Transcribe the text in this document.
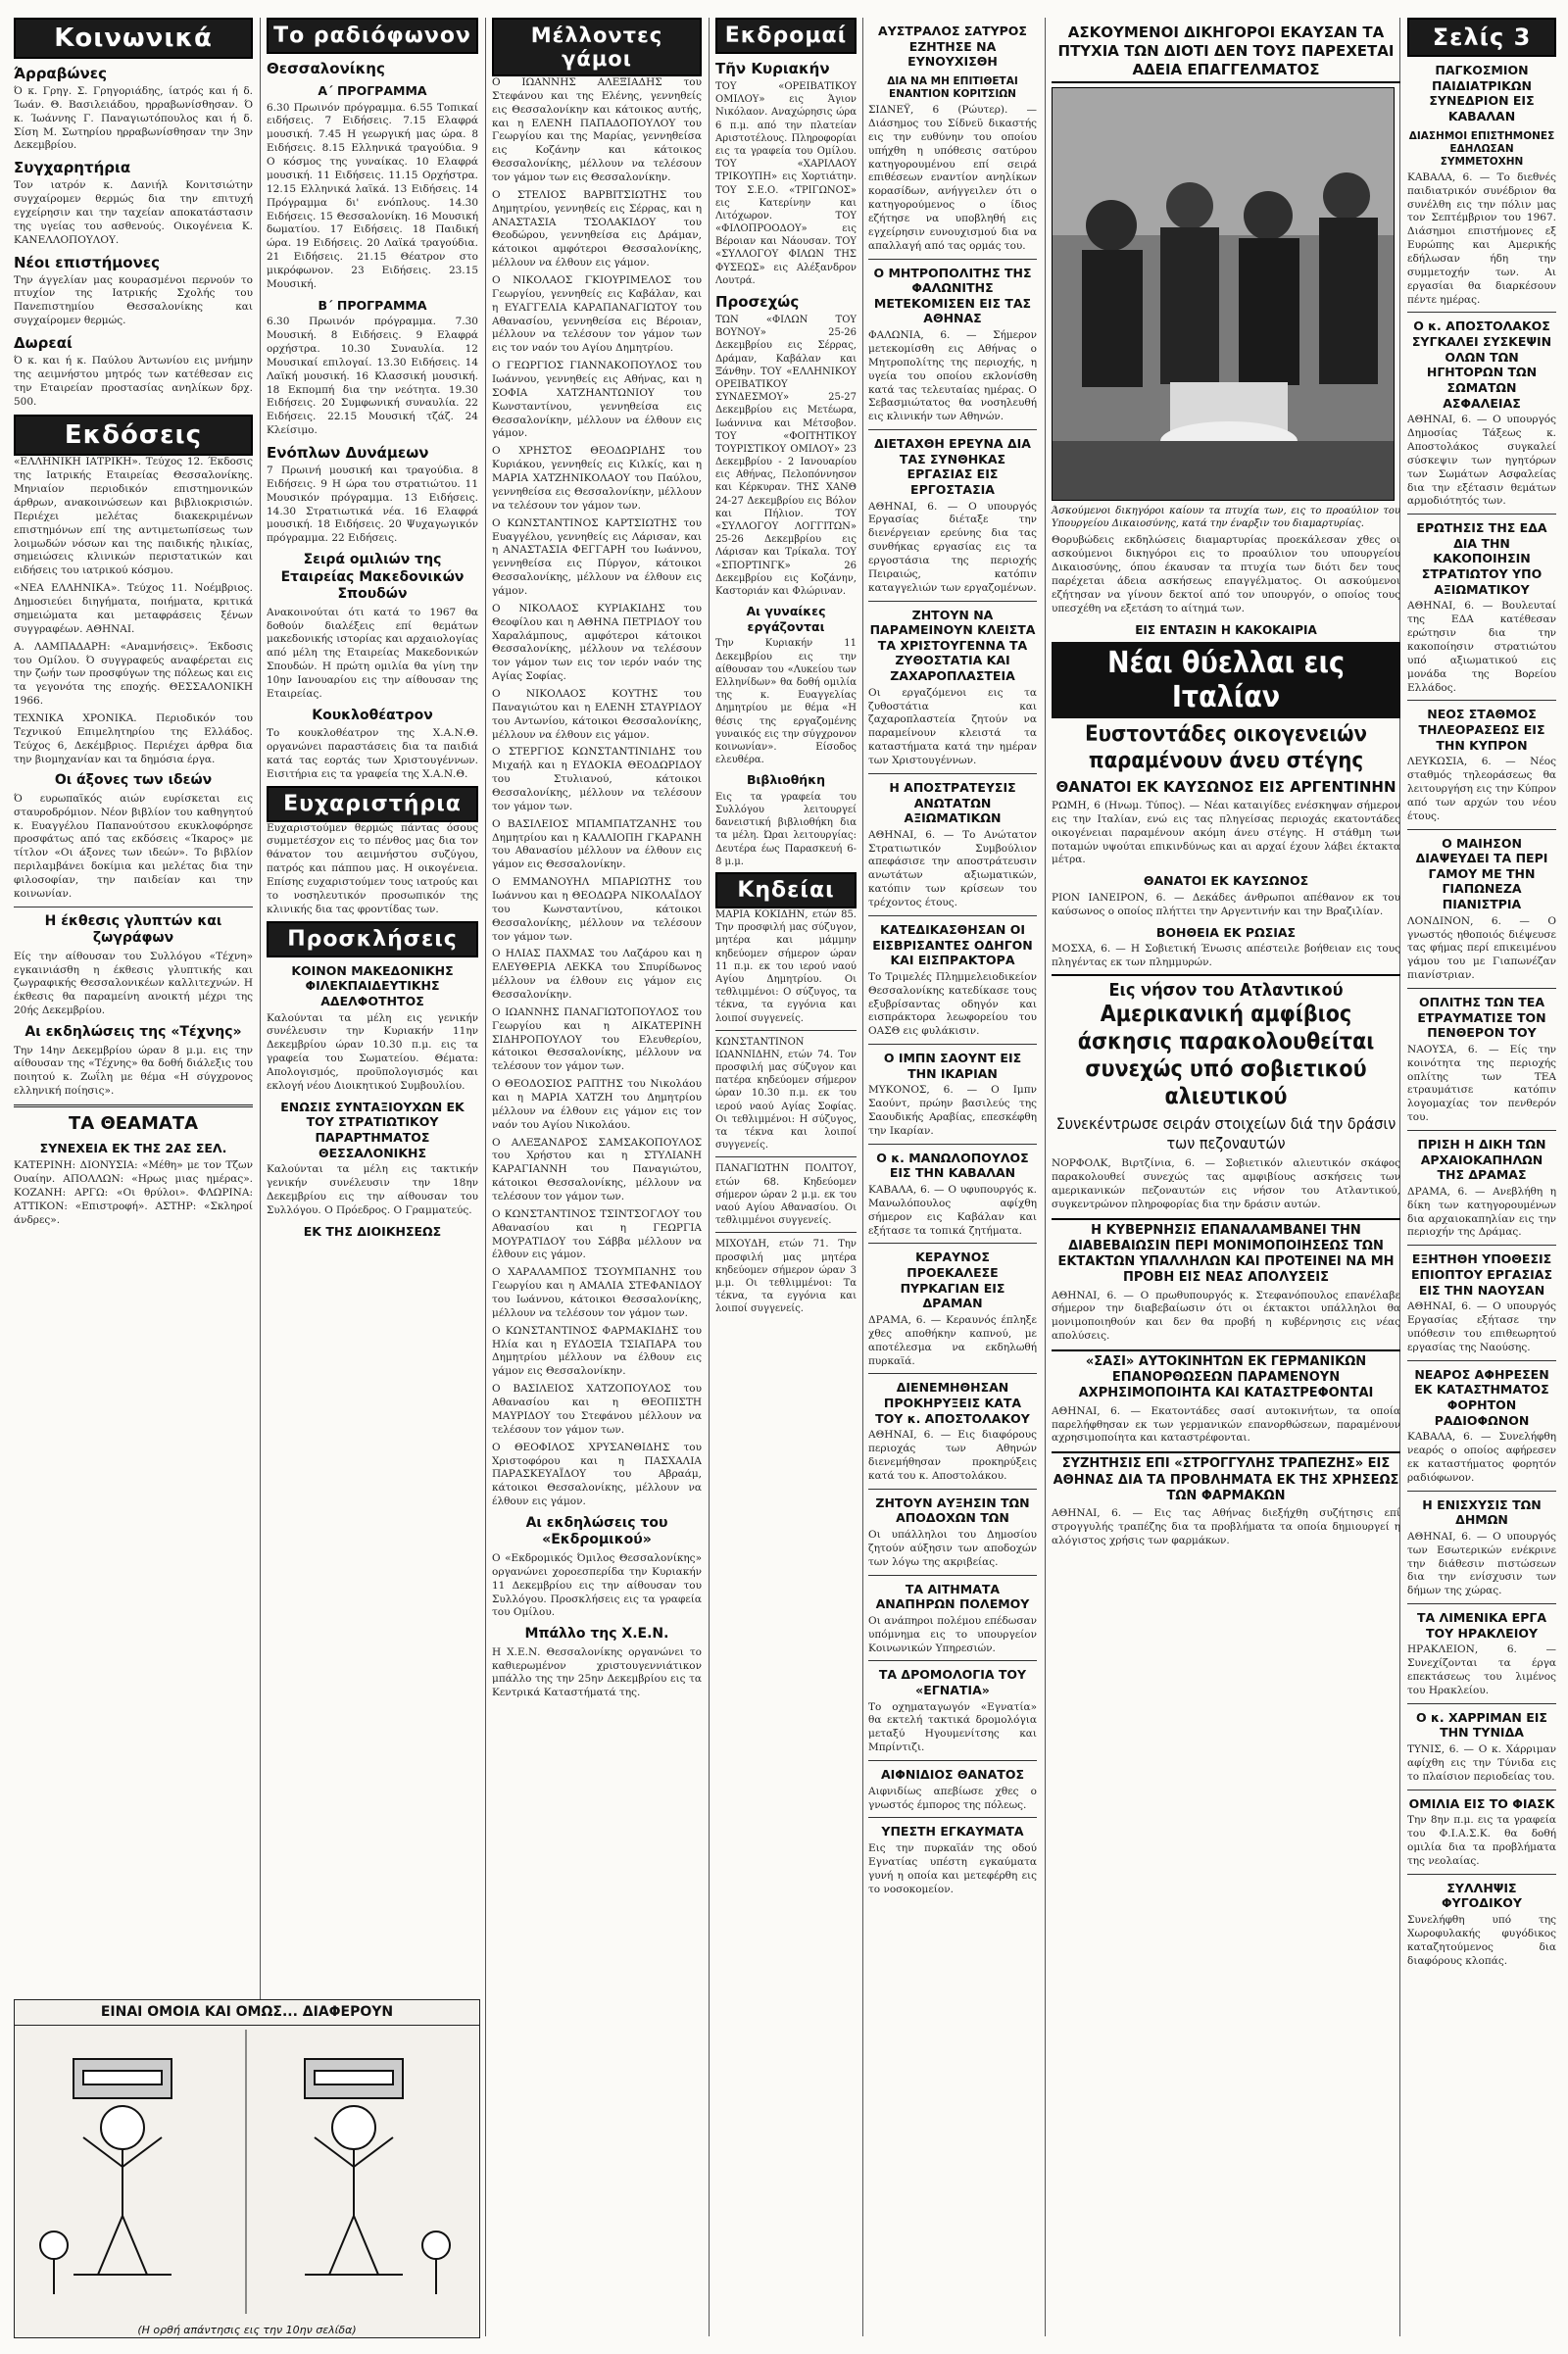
Κοινωνικά
Άρραβώνες

Ό κ. Γρηγ. Σ. Γρηγοριάδης, ίατρός και ή δ. Ίωάν. Θ. Βασιλειάδου, ηρραβωνίσθησαν. Ό κ. Ίωάννης Γ. Παναγιωτόπουλος και ή δ. Σίση Μ. Σωτηρίου ηρραβωνίσθησαν την 3ην Δεκεμβρίου.

Συγχαρητήρια

Τον ιατρόν κ. Δανιήλ Κονιτσιώτην συγχαίρομεν θερμώς δια την επιτυχή εγχείρησιν και την ταχείαν αποκατάστασιν της υγείας του ασθενούς. Οικογένεια Κ. ΚΑΝΕΛΛΟΠΟΥΛΟΥ.

Νέοι επιστήμονες

Την άγγελίαν μας κουρασμένοι περνούν το πτυχίον της Ιατρικής Σχολής του Πανεπιστημίου Θεσσαλονίκης και συγχαίρομεν θερμώς.

Δωρεαί

Ό κ. και ή κ. Παύλου Άντωνίου εις μνήμην της αειμνήστου μητρός των κατέθεσαν εις την Εταιρείαν προστασίας ανηλίκων δρχ. 500.

Εκδόσεις

«ΕΛΛΗΝΙΚΗ ΙΑΤΡΙΚΗ». Τεύχος 12. Έκδοσις της Ιατρικής Εταιρείας Θεσσαλονίκης. Μηνιαίον περιοδικόν επιστημονικών άρθρων, ανακοινώσεων και βιβλιοκρισιών. Περιέχει μελέτας διακεκριμένων επιστημόνων επί της αντιμετωπίσεως των λοιμωδών νόσων και της παιδικής ηλικίας, σημειώσεις κλινικών περιστατικών και ειδήσεις του ιατρικού κόσμου.

«ΝΕΑ ΕΛΛΗΝΙΚΑ». Τεύχος 11. Νοέμβριος. Δημοσιεύει διηγήματα, ποιήματα, κριτικά σημειώματα και μεταφράσεις ξένων συγγραφέων. ΑΘΗΝΑΙ.

Α. ΛΑΜΠΑΔΑΡΗ: «Αναμνήσεις». Έκδοσις του Ομίλου. Ό συγγραφεύς αναφέρεται εις την ζωήν των προσφύγων της πόλεως και εις τα γεγονότα της εποχής. ΘΕΣΣΑΛΟΝΙΚΗ 1966.

ΤΕΧΝΙΚΑ ΧΡΟΝΙΚΑ. Περιοδικόν του Τεχνικού Επιμελητηρίου της Ελλάδος. Τεύχος 6, Δεκέμβριος. Περιέχει άρθρα δια την βιομηχανίαν και τα δημόσια έργα.

Οι άξονες των ιδεών

Ό ευρωπαϊκός αιών ευρίσκεται εις σταυροδρόμιον. Νέον βιβλίον του καθηγητού κ. Ευαγγέλου Παπανούτσου εκυκλοφόρησε προσφάτως από τας εκδόσεις «Ίκαρος» με τίτλον «Οι άξονες των ιδεών». Το βιβλίον περιλαμβάνει δοκίμια και μελέτας δια την φιλοσοφίαν, την παιδείαν και την κοινωνίαν.

Η έκθεσις γλυπτών και ζωγράφων

Είς την αίθουσαν του Συλλόγου «Τέχνη» εγκαινιάσθη η έκθεσις γλυπτικής και ζωγραφικής Θεσσαλονικέων καλλιτεχνών. Η έκθεσις θα παραμείνη ανοικτή μέχρι της 20ής Δεκεμβρίου.

Αι εκδηλώσεις της «Τέχνης»

Την 14ην Δεκεμβρίου ώραν 8 μ.μ. εις την αίθουσαν της «Τέχνης» θα δοθή διάλεξις του ποιητού κ. Ζωΐλη με θέμα «Η σύγχρονος ελληνική ποίησις».

ΤΑ ΘΕΑΜΑΤΑ
ΣΥΝΕΧΕΙΑ ΕΚ ΤΗΣ 2ΑΣ ΣΕΛ.

ΚΑΤΕΡΙΝΗ: ΔΙΟΝΥΣΙΑ: «Μέθη» με τον Τζων Ουαίην. ΑΠΟΛΛΩΝ: «Ηρως μιας ημέρας». ΚΟΖΑΝΗ: ΑΡΓΩ: «Οι θρύλοι». ΦΛΩΡΙΝΑ: ΑΤΤΙΚΟΝ: «Επιστροφή». ΑΣΤΗΡ: «Σκληροί άνδρες».

Το ραδιόφωνον
Θεσσαλονίκης
Α΄ ΠΡΟΓΡΑΜΜΑ

6.30 Πρωινόν πρόγραμμα. 6.55 Τοπικαί ειδήσεις. 7 Ειδήσεις. 7.15 Ελαφρά μουσική. 7.45 Η γεωργική μας ώρα. 8 Ειδήσεις. 8.15 Ελληνικά τραγούδια. 9 Ο κόσμος της γυναίκας. 10 Ελαφρά μουσική. 11 Ειδήσεις. 11.15 Ορχήστρα. 12.15 Ελληνικά λαϊκά. 13 Ειδήσεις. 14 Πρόγραμμα δι' ενόπλους. 14.30 Ειδήσεις. 15 Θεσσαλονίκη. 16 Μουσική δωματίου. 17 Ειδήσεις. 18 Παιδική ώρα. 19 Ειδήσεις. 20 Λαϊκά τραγούδια. 21 Ειδήσεις. 21.15 Θέατρον στο μικρόφωνον. 23 Ειδήσεις. 23.15 Μουσική.

Β΄ ΠΡΟΓΡΑΜΜΑ

6.30 Πρωινόν πρόγραμμα. 7.30 Μουσική. 8 Ειδήσεις. 9 Ελαφρά ορχήστρα. 10.30 Συναυλία. 12 Μουσικαί επιλογαί. 13.30 Ειδήσεις. 14 Λαϊκή μουσική. 16 Κλασσική μουσική. 18 Εκπομπή δια την νεότητα. 19.30 Ειδήσεις. 20 Συμφωνική συναυλία. 22 Ειδήσεις. 22.15 Μουσική τζάζ. 24 Κλείσιμο.

Ενόπλων Δυνάμεων

7 Πρωινή μουσική και τραγούδια. 8 Ειδήσεις. 9 Η ώρα του στρατιώτου. 11 Μουσικόν πρόγραμμα. 13 Ειδήσεις. 14.30 Στρατιωτικά νέα. 16 Ελαφρά μουσική. 18 Ειδήσεις. 20 Ψυχαγωγικόν πρόγραμμα. 22 Ειδήσεις.

Σειρά ομιλιών της Εταιρείας Μακεδονικών Σπουδών

Ανακοινούται ότι κατά το 1967 θα δοθούν διαλέξεις επί θεμάτων μακεδονικής ιστορίας και αρχαιολογίας από μέλη της Εταιρείας Μακεδονικών Σπουδών. Η πρώτη ομιλία θα γίνη την 10ην Ιανουαρίου εις την αίθουσαν της Εταιρείας.

Κουκλοθέατρον

Το κουκλοθέατρον της Χ.Α.Ν.Θ. οργανώνει παραστάσεις δια τα παιδιά κατά τας εορτάς των Χριστουγέννων. Εισιτήρια εις τα γραφεία της Χ.Α.Ν.Θ.

Ευχαριστήρια

Ευχαριστούμεν θερμώς πάντας όσους συμμετέσχον εις το πένθος μας δια τον θάνατον του αειμνήστου συζύγου, πατρός και πάππου μας. Η οικογένεια. Επίσης ευχαριστούμεν τους ιατρούς και το νοσηλευτικόν προσωπικόν της κλινικής δια τας φροντίδας των.

Προσκλήσεις
ΚΟΙΝΟΝ ΜΑΚΕΔΟΝΙΚΗΣ ΦΙΛΕΚΠΑΙΔΕΥΤΙΚΗΣ ΑΔΕΛΦΟΤΗΤΟΣ

Καλούνται τα μέλη εις γενικήν συνέλευσιν την Κυριακήν 11ην Δεκεμβρίου ώραν 10.30 π.μ. εις τα γραφεία του Σωματείου. Θέματα: Απολογισμός, προϋπολογισμός και εκλογή νέου Διοικητικού Συμβουλίου.

ΕΝΩΣΙΣ ΣΥΝΤΑΞΙΟΥΧΩΝ ΕΚ ΤΟΥ ΣΤΡΑΤΙΩΤΙΚΟΥ ΠΑΡΑΡΤΗΜΑΤΟΣ ΘΕΣΣΑΛΟΝΙΚΗΣ

Καλούνται τα μέλη εις τακτικήν γενικήν συνέλευσιν την 18ην Δεκεμβρίου εις την αίθουσαν του Συλλόγου. Ο Πρόεδρος. Ο Γραμματεύς.

ΕΚ ΤΗΣ ΔΙΟΙΚΗΣΕΩΣ
Μέλλοντες γάμοι

Ο ΙΩΑΝΝΗΣ ΑΛΕΞΙΑΔΗΣ του Στεφάνου και της Ελένης, γεννηθείς εις Θεσσαλονίκην και κάτοικος αυτής, και η ΕΛΕΝΗ ΠΑΠΑΔΟΠΟΥΛΟΥ του Γεωργίου και της Μαρίας, γεννηθείσα εις Κοζάνην και κάτοικος Θεσσαλονίκης, μέλλουν να τελέσουν τον γάμον των εις Θεσσαλονίκην.

Ο ΣΤΕΛΙΟΣ ΒΑΡΒΙΤΣΙΩΤΗΣ του Δημητρίου, γεννηθείς εις Σέρρας, και η ΑΝΑΣΤΑΣΙΑ ΤΣΟΛΑΚΙΔΟΥ του Θεοδώρου, γεννηθείσα εις Δράμαν, κάτοικοι αμφότεροι Θεσσαλονίκης, μέλλουν να έλθουν εις γάμον.

Ο ΝΙΚΟΛΑΟΣ ΓΚΙΟΥΡΙΜΕΛΟΣ του Γεωργίου, γεννηθείς εις Καβάλαν, και η ΕΥΑΓΓΕΛΙΑ ΚΑΡΑΠΑΝΑΓΙΩΤΟΥ του Αθανασίου, γεννηθείσα εις Βέροιαν, μέλλουν να τελέσουν τον γάμον των εις τον ναόν του Αγίου Δημητρίου.

Ο ΓΕΩΡΓΙΟΣ ΓΙΑΝΝΑΚΟΠΟΥΛΟΣ του Ιωάννου, γεννηθείς εις Αθήνας, και η ΣΟΦΙΑ ΧΑΤΖΗΑΝΤΩΝΙΟΥ του Κωνσταντίνου, γεννηθείσα εις Θεσσαλονίκην, μέλλουν να έλθουν εις γάμον.

Ο ΧΡΗΣΤΟΣ ΘΕΟΔΩΡΙΔΗΣ του Κυριάκου, γεννηθείς εις Κιλκίς, και η ΜΑΡΙΑ ΧΑΤΖΗΝΙΚΟΛΑΟΥ του Παύλου, γεννηθείσα εις Θεσσαλονίκην, μέλλουν να τελέσουν τον γάμον των.

Ο ΚΩΝΣΤΑΝΤΙΝΟΣ ΚΑΡΤΣΙΩΤΗΣ του Ευαγγέλου, γεννηθείς εις Λάρισαν, και η ΑΝΑΣΤΑΣΙΑ ΦΕΓΓΑΡΗ του Ιωάννου, γεννηθείσα εις Πύργον, κάτοικοι Θεσσαλονίκης, μέλλουν να έλθουν εις γάμον.

Ο ΝΙΚΟΛΑΟΣ ΚΥΡΙΑΚΙΔΗΣ του Θεοφίλου και η ΑΘΗΝΑ ΠΕΤΡΙΔΟΥ του Χαραλάμπους, αμφότεροι κάτοικοι Θεσσαλονίκης, μέλλουν να τελέσουν τον γάμον των εις τον ιερόν ναόν της Αγίας Σοφίας.

Ο ΝΙΚΟΛΑΟΣ ΚΟΥΤΗΣ του Παναγιώτου και η ΕΛΕΝΗ ΣΤΑΥΡΙΔΟΥ του Αντωνίου, κάτοικοι Θεσσαλονίκης, μέλλουν να έλθουν εις γάμον.

Ο ΣΤΕΡΓΙΟΣ ΚΩΝΣΤΑΝΤΙΝΙΔΗΣ του Μιχαήλ και η ΕΥΔΟΚΙΑ ΘΕΟΔΩΡΙΔΟΥ του Στυλιανού, κάτοικοι Θεσσαλονίκης, μέλλουν να τελέσουν τον γάμον των.

Ο ΒΑΣΙΛΕΙΟΣ ΜΠΑΜΠΑΤΖΑΝΗΣ του Δημητρίου και η ΚΑΛΛΙΟΠΗ ΓΚΑΡΑΝΗ του Αθανασίου μέλλουν να έλθουν εις γάμον εις Θεσσαλονίκην.

Ο ΕΜΜΑΝΟΥΗΛ ΜΠΑΡΙΩΤΗΣ του Ιωάννου και η ΘΕΟΔΩΡΑ ΝΙΚΟΛΑΪΔΟΥ του Κωνσταντίνου, κάτοικοι Θεσσαλονίκης, μέλλουν να τελέσουν τον γάμον των.

Ο ΗΛΙΑΣ ΠΑΧΜΑΣ του Λαζάρου και η ΕΛΕΥΘΕΡΙΑ ΛΕΚΚΑ του Σπυρίδωνος μέλλουν να έλθουν εις γάμον εις Θεσσαλονίκην.

Ο ΙΩΑΝΝΗΣ ΠΑΝΑΓΙΩΤΟΠΟΥΛΟΣ του Γεωργίου και η ΑΙΚΑΤΕΡΙΝΗ ΣΙΔΗΡΟΠΟΥΛΟΥ του Ελευθερίου, κάτοικοι Θεσσαλονίκης, μέλλουν να τελέσουν τον γάμον των.

Ο ΘΕΟΔΟΣΙΟΣ ΡΑΠΤΗΣ του Νικολάου και η ΜΑΡΙΑ ΧΑΤΖΗ του Δημητρίου μέλλουν να έλθουν εις γάμον εις τον ναόν του Αγίου Νικολάου.

Ο ΑΛΕΞΑΝΔΡΟΣ ΣΑΜΣΑΚΟΠΟΥΛΟΣ του Χρήστου και η ΣΤΥΛΙΑΝΗ ΚΑΡΑΓΙΑΝΝΗ του Παναγιώτου, κάτοικοι Θεσσαλονίκης, μέλλουν να τελέσουν τον γάμον των.

Ο ΚΩΝΣΤΑΝΤΙΝΟΣ ΤΣΙΝΤΣΟΓΛΟΥ του Αθανασίου και η ΓΕΩΡΓΙΑ ΜΟΥΡΑΤΙΔΟΥ του Σάββα μέλλουν να έλθουν εις γάμον.

Ο ΧΑΡΑΛΑΜΠΟΣ ΤΣΟΥΜΠΑΝΗΣ του Γεωργίου και η ΑΜΑΛΙΑ ΣΤΕΦΑΝΙΔΟΥ του Ιωάννου, κάτοικοι Θεσσαλονίκης, μέλλουν να τελέσουν τον γάμον των.

Ο ΚΩΝΣΤΑΝΤΙΝΟΣ ΦΑΡΜΑΚΙΔΗΣ του Ηλία και η ΕΥΔΟΞΙΑ ΤΣΙΑΠΑΡΑ του Δημητρίου μέλλουν να έλθουν εις γάμον εις Θεσσαλονίκην.

Ο ΒΑΣΙΛΕΙΟΣ ΧΑΤΖΟΠΟΥΛΟΣ του Αθανασίου και η ΘΕΟΠΙΣΤΗ ΜΑΥΡΙΔΟΥ του Στεφάνου μέλλουν να τελέσουν τον γάμον των.

Ο ΘΕΟΦΙΛΟΣ ΧΡΥΣΑΝΘΙΔΗΣ του Χριστοφόρου και η ΠΑΣΧΑΛΙΑ ΠΑΡΑΣΚΕΥΑΪΔΟΥ του Αβραάμ, κάτοικοι Θεσσαλονίκης, μέλλουν να έλθουν εις γάμον.

Αι εκδηλώσεις του «Εκδρομικού»

Ο «Εκδρομικός Όμιλος Θεσσαλονίκης» οργανώνει χοροεσπερίδα την Κυριακήν 11 Δεκεμβρίου εις την αίθουσαν του Συλλόγου. Προσκλήσεις εις τα γραφεία του Ομίλου.

Μπάλλο της Χ.Ε.Ν.

Η Χ.Ε.Ν. Θεσσαλονίκης οργανώνει το καθιερωμένον χριστουγεννιάτικον μπάλλο της την 25ην Δεκεμβρίου εις τα Κεντρικά Καταστήματά της.

Εκδρομαί
Τῆν Κυριακήν

ΤΟΥ «ΟΡΕΙΒΑΤΙΚΟΥ ΟΜΙΛΟΥ» εις Άγιον Νικόλαον. Αναχώρησις ώρα 6 π.μ. από την πλατείαν Αριστοτέλους. Πληροφορίαι εις τα γραφεία του Ομίλου. ΤΟΥ «ΧΑΡΙΛΑΟΥ ΤΡΙΚΟΥΠΗ» εις Χορτιάτην. ΤΟΥ Σ.Ε.Ο. «ΤΡΙΓΩΝΟΣ» εις Κατερίνην και Λιτόχωρον. ΤΟΥ «ΦΙΛΟΠΡΟΟΔΟΥ» εις Βέροιαν και Νάουσαν. ΤΟΥ «ΣΥΛΛΟΓΟΥ ΦΙΛΩΝ ΤΗΣ ΦΥΣΕΩΣ» εις Αλέξανδρον Λουτρά.

Προσεχώς

ΤΩΝ «ΦΙΛΩΝ ΤΟΥ ΒΟΥΝΟΥ» 25-26 Δεκεμβρίου εις Σέρρας, Δράμαν, Καβάλαν και Ξάνθην. ΤΟΥ «ΕΛΛΗΝΙΚΟΥ ΟΡΕΙΒΑΤΙΚΟΥ ΣΥΝΔΕΣΜΟΥ» 25-27 Δεκεμβρίου εις Μετέωρα, Ιωάννινα και Μέτσοβον. ΤΟΥ «ΦΟΙΤΗΤΙΚΟΥ ΤΟΥΡΙΣΤΙΚΟΥ ΟΜΙΛΟΥ» 23 Δεκεμβρίου - 2 Ιανουαρίου εις Αθήνας, Πελοπόννησον και Κέρκυραν. ΤΗΣ ΧΑΝΘ 24-27 Δεκεμβρίου εις Βόλον και Πήλιον. ΤΟΥ «ΣΥΛΛΟΓΟΥ ΛΟΓΓΙΤΩΝ» 25-26 Δεκεμβρίου εις Λάρισαν και Τρίκαλα. ΤΟΥ «ΣΠΟΡΤΙΝΓΚ» 26 Δεκεμβρίου εις Κοζάνην, Καστοριάν και Φλώριναν.

Αι γυναίκες εργάζονται

Την Κυριακήν 11 Δεκεμβρίου εις την αίθουσαν του «Λυκείου των Ελληνίδων» θα δοθή ομιλία της κ. Ευαγγελίας Δημητρίου με θέμα «Η θέσις της εργαζομένης γυναικός εις την σύγχρονον κοινωνίαν». Είσοδος ελευθέρα.

Βιβλιοθήκη

Εις τα γραφεία του Συλλόγου λειτουργεί δανειστική βιβλιοθήκη δια τα μέλη. Ώραι λειτουργίας: Δευτέρα έως Παρασκευή 6-8 μ.μ.

Κηδείαι

ΜΑΡΙΑ ΚΟΚΙΔΗΝ, ετών 85. Την προσφιλή μας σύζυγον, μητέρα και μάμμην κηδεύομεν σήμερον ώραν 11 π.μ. εκ του ιερού ναού Αγίου Δημητρίου. Οι τεθλιμμένοι: Ο σύζυγος, τα τέκνα, τα εγγόνια και λοιποί συγγενείς.

ΚΩΝΣΤΑΝΤΙΝΟΝ ΙΩΑΝΝΙΔΗΝ, ετών 74. Τον προσφιλή μας σύζυγον και πατέρα κηδεύομεν σήμερον ώραν 10.30 π.μ. εκ του ιερού ναού Αγίας Σοφίας. Οι τεθλιμμένοι: Η σύζυγος, τα τέκνα και λοιποί συγγενείς.

ΠΑΝΑΓΙΩΤΗΝ ΠΟΛΙΤΟΥ, ετών 68. Κηδεύομεν σήμερον ώραν 2 μ.μ. εκ του ναού Αγίου Αθανασίου. Οι τεθλιμμένοι συγγενείς.

ΜΙΧΟΥΔΗ, ετών 71. Την προσφιλή μας μητέρα κηδεύομεν σήμερον ώραν 3 μ.μ. Οι τεθλιμμένοι: Τα τέκνα, τα εγγόνια και λοιποί συγγενείς.

ΑΥΣΤΡΑΛΟΣ ΣΑΤΥΡΟΣ ΕΖΗΤΗΣΕ ΝΑ ΕΥΝΟΥΧΙΣΘΗ
ΔΙΑ ΝΑ ΜΗ ΕΠΙΤΙΘΕΤΑΙ ΕΝΑΝΤΙΟΝ ΚΟΡΙΤΣΙΩΝ

ΣΙΔΝΕΫ, 6 (Ρώυτερ). — Διάσημος του Σίδνεϋ δικαστής εις την ευθύνην του οποίου υπήχθη η υπόθεσις σατύρου κατηγορουμένου επί σειρά επιθέσεων εναντίον ανηλίκων κορασίδων, ανήγγειλεν ότι ο κατηγορούμενος ο ίδιος εζήτησε να υποβληθή εις εγχείρησιν ευνουχισμού δια να απαλλαγή από τας ορμάς του.

Ο ΜΗΤΡΟΠΟΛΙΤΗΣ ΤΗΣ ΦΑΛΩΝΙΤΗΣ ΜΕΤΕΚΟΜΙΣΕΝ ΕΙΣ ΤΑΣ ΑΘΗΝΑΣ

ΦΑΛΩΝΙΑ, 6. — Σήμερον μετεκομίσθη εις Αθήνας ο Μητροπολίτης της περιοχής, η υγεία του οποίου εκλονίσθη κατά τας τελευταίας ημέρας. Ο Σεβασμιώτατος θα νοσηλευθή εις κλινικήν των Αθηνών.

ΔΙΕΤΑΧΘΗ ΕΡΕΥΝΑ ΔΙΑ ΤΑΣ ΣΥΝΘΗΚΑΣ ΕΡΓΑΣΙΑΣ ΕΙΣ ΕΡΓΟΣΤΑΣΙΑ

ΑΘΗΝΑΙ, 6. — Ο υπουργός Εργασίας διέταξε την διενέργειαν ερεύνης δια τας συνθήκας εργασίας εις τα εργοστάσια της περιοχής Πειραιώς, κατόπιν καταγγελιών των εργαζομένων.

ΖΗΤΟΥΝ ΝΑ ΠΑΡΑΜΕΙΝΟΥΝ ΚΛΕΙΣΤΑ ΤΑ ΧΡΙΣΤΟΥΓΕΝΝΑ ΤΑ ΖΥΘΟΣΤΑΤΙΑ ΚΑΙ ΖΑΧΑΡΟΠΛΑΣΤΕΙΑ

Οι εργαζόμενοι εις τα ζυθοστάτια και ζαχαροπλαστεία ζητούν να παραμείνουν κλειστά τα καταστήματα κατά την ημέραν των Χριστουγέννων.

Η ΑΠΟΣΤΡΑΤΕΥΣΙΣ ΑΝΩΤΑΤΩΝ ΑΞΙΩΜΑΤΙΚΩΝ

ΑΘΗΝΑΙ, 6. — Το Ανώτατον Στρατιωτικόν Συμβούλιον απεφάσισε την αποστράτευσιν ανωτάτων αξιωματικών, κατόπιν των κρίσεων του τρέχοντος έτους.

ΚΑΤΕΔΙΚΑΣΘΗΣΑΝ ΟΙ ΕΙΣΒΡΙΣΑΝΤΕΣ ΟΔΗΓΟΝ ΚΑΙ ΕΙΣΠΡΑΚΤΟΡΑ

Το Τριμελές Πλημμελειοδικείον Θεσσαλονίκης κατεδίκασε τους εξυβρίσαντας οδηγόν και εισπράκτορα λεωφορείου του ΟΑΣΘ εις φυλάκισιν.

Ο ΙΜΠΝ ΣΑΟΥΝΤ ΕΙΣ ΤΗΝ ΙΚΑΡΙΑΝ

ΜΥΚΟΝΟΣ, 6. — Ο Ιμπν Σαούντ, πρώην βασιλεύς της Σαουδικής Αραβίας, επεσκέφθη την Ικαρίαν.

Ο κ. ΜΑΝΩΛΟΠΟΥΛΟΣ ΕΙΣ ΤΗΝ ΚΑΒΑΛΑΝ

ΚΑΒΑΛΑ, 6. — Ο υφυπουργός κ. Μανωλόπουλος αφίχθη σήμερον εις Καβάλαν και εξήτασε τα τοπικά ζητήματα.

ΚΕΡΑΥΝΟΣ ΠΡΟΕΚΑΛΕΣΕ ΠΥΡΚΑΓΙΑΝ ΕΙΣ ΔΡΑΜΑΝ

ΔΡΑΜΑ, 6. — Κεραυνός έπληξε χθες αποθήκην καπνού, με αποτέλεσμα να εκδηλωθή πυρκαϊά.

ΔΙΕΝΕΜΗΘΗΣΑΝ ΠΡΟΚΗΡΥΞΕΙΣ ΚΑΤΑ ΤΟΥ κ. ΑΠΟΣΤΟΛΑΚΟΥ

ΑΘΗΝΑΙ, 6. — Εις διαφόρους περιοχάς των Αθηνών διενεμήθησαν προκηρύξεις κατά του κ. Αποστολάκου.

ΖΗΤΟΥΝ ΑΥΞΗΣΙΝ ΤΩΝ ΑΠΟΔΟΧΩΝ ΤΩΝ

Οι υπάλληλοι του Δημοσίου ζητούν αύξησιν των αποδοχών των λόγω της ακριβείας.

ΤΑ ΑΙΤΗΜΑΤΑ ΑΝΑΠΗΡΩΝ ΠΟΛΕΜΟΥ

Οι ανάπηροι πολέμου επέδωσαν υπόμνημα εις το υπουργείον Κοινωνικών Υπηρεσιών.

ΤΑ ΔΡΟΜΟΛΟΓΙΑ ΤΟΥ «ΕΓΝΑΤΙΑ»

Το οχηματαγωγόν «Εγνατία» θα εκτελή τακτικά δρομολόγια μεταξύ Ηγουμενίτσης και Μπρίντιζι.

ΑΙΦΝΙΔΙΟΣ ΘΑΝΑΤΟΣ

Αιφνιδίως απεβίωσε χθες ο γνωστός έμπορος της πόλεως.

ΥΠΕΣΤΗ ΕΓΚΑΥΜΑΤΑ

Εις την πυρκαϊάν της οδού Εγνατίας υπέστη εγκαύματα γυνή η οποία και μετεφέρθη εις το νοσοκομείον.

ΑΣΚΟΥΜΕΝΟΙ ΔΙΚΗΓΟΡΟΙ ΕΚΑΥΣΑΝ ΤΑ ΠΤΥΧΙΑ ΤΩΝ ΔΙΟΤΙ ΔΕΝ ΤΟΥΣ ΠΑΡΕΧΕΤΑΙ ΑΔΕΙΑ ΕΠΑΓΓΕΛΜΑΤΟΣ

Άσκούμενοι δικηγόροι καίουν τα πτυχία των, εις το προαύλιον του Υπουργείου Δικαιοσύνης, κατά την έναρξιν του διαμαρτυρίας.

Θορυβώδεις εκδηλώσεις διαμαρτυρίας προεκάλεσαν χθες οι ασκούμενοι δικηγόροι εις το προαύλιον του υπουργείου Δικαιοσύνης, όπου έκαυσαν τα πτυχία των διότι δεν τους παρέχεται άδεια ασκήσεως επαγγέλματος. Οι ασκούμενοι εζήτησαν να γίνουν δεκτοί από τον υπουργόν, ο οποίος τους υπεσχέθη να εξετάση το αίτημά των.

ΕΙΣ ΕΝΤΑΣΙΝ Η ΚΑΚΟΚΑΙΡΙΑ
Νέαι θύελλαι εις Ιταλίαν
Ευστοντάδες οικογενειών παραμένουν άνευ στέγης
ΘΑΝΑΤΟΙ ΕΚ ΚΑΥΣΩΝΟΣ ΕΙΣ ΑΡΓΕΝΤΙΝΗΝ

ΡΩΜΗ, 6 (Ηνωμ. Τύπος). — Νέαι καταιγίδες ενέσκηψαν σήμερον εις την Ιταλίαν, ενώ εις τας πληγείσας περιοχάς εκατοντάδες οικογένειαι παραμένουν ακόμη άνευ στέγης. Η στάθμη των ποταμών υψούται επικινδύνως και αι αρχαί έχουν λάβει έκτακτα μέτρα.

ΘΑΝΑΤΟΙ ΕΚ ΚΑΥΣΩΝΟΣ

ΡΙΟΝ ΙΑΝΕΙΡΟΝ, 6. — Δεκάδες άνθρωποι απέθανον εκ του καύσωνος ο οποίος πλήττει την Αργεντινήν και την Βραζιλίαν.

ΒΟΗΘΕΙΑ ΕΚ ΡΩΣΙΑΣ

ΜΟΣΧΑ, 6. — Η Σοβιετική Ένωσις απέστειλε βοήθειαν εις τους πληγέντας εκ των πλημμυρών.

Εις νήσον του Ατλαντικού
Αμερικανική αμφίβιος άσκησις παρακολουθείται συνεχώς υπό σοβιετικού αλιευτικού
Συνεκέντρωσε σειράν στοιχείων διά την δράσιν των πεζοναυτών

ΝΟΡΦΟΛΚ, Βιρτζίνια, 6. — Σοβιετικόν αλιευτικόν σκάφος παρακολουθεί συνεχώς τας αμφιβίους ασκήσεις των αμερικανικών πεζοναυτών εις νήσον του Ατλαντικού, συγκεντρώνον πληροφορίας δια την δράσιν αυτών.

Η ΚΥΒΕΡΝΗΣΙΣ ΕΠΑΝΑΛΑΜΒΑΝΕΙ ΤΗΝ ΔΙΑΒΕΒΑΙΩΣΙΝ ΠΕΡΙ ΜΟΝΙΜΟΠΟΙΗΣΕΩΣ ΤΩΝ ΕΚΤΑΚΤΩΝ ΥΠΑΛΛΗΛΩΝ ΚΑΙ ΠΡΟΤΕΙΝΕΙ ΝΑ ΜΗ ΠΡΟΒΗ ΕΙΣ ΝΕΑΣ ΑΠΟΛΥΣΕΙΣ

ΑΘΗΝΑΙ, 6. — Ο πρωθυπουργός κ. Στεφανόπουλος επανέλαβε σήμερον την διαβεβαίωσιν ότι οι έκτακτοι υπάλληλοι θα μονιμοποιηθούν και δεν θα προβή η κυβέρνησις εις νέας απολύσεις.

«ΣΑΣΙ» ΑΥΤΟΚΙΝΗΤΩΝ ΕΚ ΓΕΡΜΑΝΙΚΩΝ ΕΠΑΝΟΡΘΩΣΕΩΝ ΠΑΡΑΜΕΝΟΥΝ ΑΧΡΗΣΙΜΟΠΟΙΗΤΑ ΚΑΙ ΚΑΤΑΣΤΡΕΦΟΝΤΑΙ

ΑΘΗΝΑΙ, 6. — Εκατοντάδες σασί αυτοκινήτων, τα οποία παρελήφθησαν εκ των γερμανικών επανορθώσεων, παραμένουν αχρησιμοποίητα και καταστρέφονται.

ΣΥΖΗΤΗΣΙΣ ΕΠΙ «ΣΤΡΟΓΓΥΛΗΣ ΤΡΑΠΕΖΗΣ» ΕΙΣ ΑΘΗΝΑΣ ΔΙΑ ΤΑ ΠΡΟΒΛΗΜΑΤΑ ΕΚ ΤΗΣ ΧΡΗΣΕΩΣ ΤΩΝ ΦΑΡΜΑΚΩΝ

ΑΘΗΝΑΙ, 6. — Εις τας Αθήνας διεξήχθη συζήτησις επί στρογγυλής τραπέζης δια τα προβλήματα τα οποία δημιουργεί η αλόγιστος χρήσις των φαρμάκων.

Σελίς 3
ΠΑΓΚΟΣΜΙΟΝ ΠΑΙΔΙΑΤΡΙΚΩΝ ΣΥΝΕΔΡΙΟΝ ΕΙΣ ΚΑΒΑΛΑΝ
ΔΙΑΣΗΜΟΙ ΕΠΙΣΤΗΜΟΝΕΣ ΕΔΗΛΩΣΑΝ ΣΥΜΜΕΤΟΧΗΝ

ΚΑΒΑΛΑ, 6. — Το διεθνές παιδιατρικόν συνέδριον θα συνέλθη εις την πόλιν μας τον Σεπτέμβριον του 1967. Διάσημοι επιστήμονες εξ Ευρώπης και Αμερικής εδήλωσαν ήδη την συμμετοχήν των. Αι εργασίαι θα διαρκέσουν πέντε ημέρας.

Ο κ. ΑΠΟΣΤΟΛΑΚΟΣ ΣΥΓΚΑΛΕΙ ΣΥΣΚΕΨΙΝ ΟΛΩΝ ΤΩΝ ΗΓΗΤΟΡΩΝ ΤΩΝ ΣΩΜΑΤΩΝ ΑΣΦΑΛΕΙΑΣ

ΑΘΗΝΑΙ, 6. — Ο υπουργός Δημοσίας Τάξεως κ. Αποστολάκος συγκαλεί σύσκεψιν των ηγητόρων των Σωμάτων Ασφαλείας δια την εξέτασιν θεμάτων αρμοδιότητός των.

ΕΡΩΤΗΣΙΣ ΤΗΣ ΕΔΑ ΔΙΑ ΤΗΝ ΚΑΚΟΠΟΙΗΣΙΝ ΣΤΡΑΤΙΩΤΟΥ ΥΠΟ ΑΞΙΩΜΑΤΙΚΟΥ

ΑΘΗΝΑΙ, 6. — Βουλευταί της ΕΔΑ κατέθεσαν ερώτησιν δια την κακοποίησιν στρατιώτου υπό αξιωματικού εις μονάδα της Βορείου Ελλάδος.

ΝΕΟΣ ΣΤΑΘΜΟΣ ΤΗΛΕΟΡΑΣΕΩΣ ΕΙΣ ΤΗΝ ΚΥΠΡΟΝ

ΛΕΥΚΩΣΙΑ, 6. — Νέος σταθμός τηλεοράσεως θα λειτουργήση εις την Κύπρον από των αρχών του νέου έτους.

Ο ΜΑΙΗΣΟΝ ΔΙΑΨΕΥΔΕΙ ΤΑ ΠΕΡΙ ΓΑΜΟΥ ΜΕ ΤΗΝ ΓΙΑΠΩΝΕΖΑ ΠΙΑΝΙΣΤΡΙΑ

ΛΟΝΔΙΝΟΝ, 6. — Ο γνωστός ηθοποιός διέψευσε τας φήμας περί επικειμένου γάμου του με Γιαπωνέζαν πιανίστριαν.

ΟΠΛΙΤΗΣ ΤΩΝ ΤΕΑ ΕΤΡΑΥΜΑΤΙΣΕ ΤΟΝ ΠΕΝΘΕΡΟΝ ΤΟΥ

ΝΑΟΥΣΑ, 6. — Είς την κοινότητα της περιοχής οπλίτης των ΤΕΑ ετραυμάτισε κατόπιν λογομαχίας τον πενθερόν του.

ΠΡΙΣΗ Η ΔΙΚΗ ΤΩΝ ΑΡΧΑΙΟΚΑΠΗΛΩΝ ΤΗΣ ΔΡΑΜΑΣ

ΔΡΑΜΑ, 6. — Ανεβλήθη η δίκη των κατηγορουμένων δια αρχαιοκαπηλίαν εις την περιοχήν της Δράμας.

ΕΞΗΤΗΘΗ ΥΠΟΘΕΣΙΣ ΕΠΙΟΠΤΟΥ ΕΡΓΑΣΙΑΣ ΕΙΣ ΤΗΝ ΝΑΟΥΣΑΝ

ΑΘΗΝΑΙ, 6. — Ο υπουργός Εργασίας εξήτασε την υπόθεσιν του επιθεωρητού εργασίας της Ναούσης.

ΝΕΑΡΟΣ ΑΦΗΡΕΣΕΝ ΕΚ ΚΑΤΑΣΤΗΜΑΤΟΣ ΦΟΡΗΤΟΝ ΡΑΔΙΟΦΩΝΟΝ

ΚΑΒΑΛΑ, 6. — Συνελήφθη νεαρός ο οποίος αφήρεσεν εκ καταστήματος φορητόν ραδιόφωνον.

Η ΕΝΙΣΧΥΣΙΣ ΤΩΝ ΔΗΜΩΝ

ΑΘΗΝΑΙ, 6. — Ο υπουργός των Εσωτερικών ενέκρινε την διάθεσιν πιστώσεων δια την ενίσχυσιν των δήμων της χώρας.

ΤΑ ΛΙΜΕΝΙΚΑ ΕΡΓΑ ΤΟΥ ΗΡΑΚΛΕΙΟΥ

ΗΡΑΚΛΕΙΟΝ, 6. — Συνεχίζονται τα έργα επεκτάσεως του λιμένος του Ηρακλείου.

Ο κ. ΧΑΡΡΙΜΑΝ ΕΙΣ ΤΗΝ ΤΥΝΙΔΑ

ΤΥΝΙΣ, 6. — Ο κ. Χάρριμαν αφίχθη εις την Τύνιδα εις το πλαίσιον περιοδείας του.

ΟΜΙΛΙΑ ΕΙΣ ΤΟ ΦΙΑΣΚ

Την 8ην π.μ. εις τα γραφεία του Φ.Ι.Α.Σ.Κ. θα δοθή ομιλία δια τα προβλήματα της νεολαίας.

ΣΥΛΛΗΨΙΣ ΦΥΓΟΔΙΚΟΥ

Συνελήφθη υπό της Χωροφυλακής φυγόδικος καταζητούμενος δια διαφόρους κλοπάς.

ΕΙΝΑΙ ΟΜΟΙΑ ΚΑΙ ΟΜΩΣ... ΔΙΑΦΕΡΟΥΝ
(Η ορθή απάντησις εις την 10ην σελίδα)
